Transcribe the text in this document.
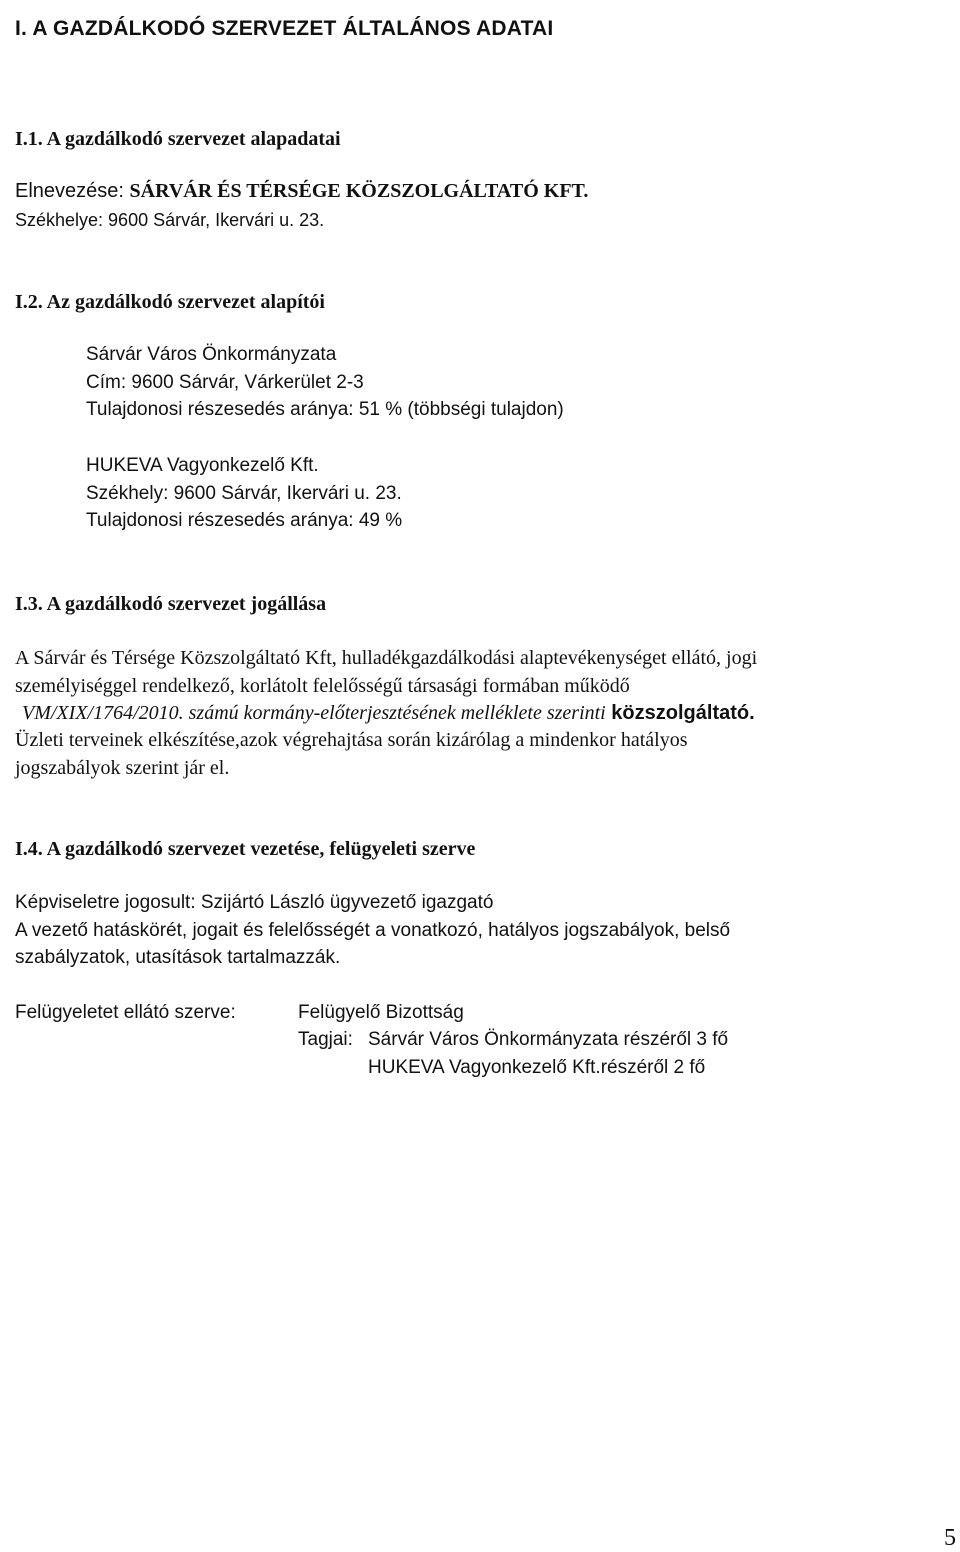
I. A GAZDÁLKODÓ SZERVEZET ÁLTALÁNOS ADATAI
I.1. A gazdálkodó szervezet alapadatai
Elnevezése: SÁRVÁR ÉS TÉRSÉGE KÖZSZOLGÁLTATÓ KFT.
Székhelye: 9600 Sárvár, Ikervári u. 23.
I.2. Az gazdálkodó szervezet alapítói
Sárvár Város Önkormányzata
Cím: 9600 Sárvár, Várkerület 2-3
Tulajdonosi részesedés aránya: 51 % (többségi tulajdon)
HUKEVA Vagyonkezelő Kft.
Székhely: 9600 Sárvár, Ikervári u. 23.
Tulajdonosi részesedés aránya: 49 %
I.3. A gazdálkodó szervezet jogállása
A Sárvár és Térsége Közszolgáltató Kft, hulladékgazdálkodási alaptevékenységet ellátó, jogi
személyiséggel rendelkező, korlátolt felelősségű társasági formában működő
VM/XIX/1764/2010. számú kormány-előterjesztésének melléklete szerinti közszolgáltató.
Üzleti terveinek elkészítése,azok végrehajtása során kizárólag a mindenkor hatályos
jogszabályok szerint jár el.
I.4. A gazdálkodó szervezet vezetése, felügyeleti szerve
Képviseletre jogosult: Szijártó László ügyvezető igazgató
A vezető hatáskörét, jogait és felelősségét a vonatkozó, hatályos jogszabályok, belső
szabályzatok, utasítások tartalmazzák.
Felügyeletet ellátó szerve:	Felügyelő Bizottság
Tagjai: Sárvár Város Önkormányzata részéről 3 fő
HUKEVA Vagyonkezelő Kft.részéről 2 fő
5
